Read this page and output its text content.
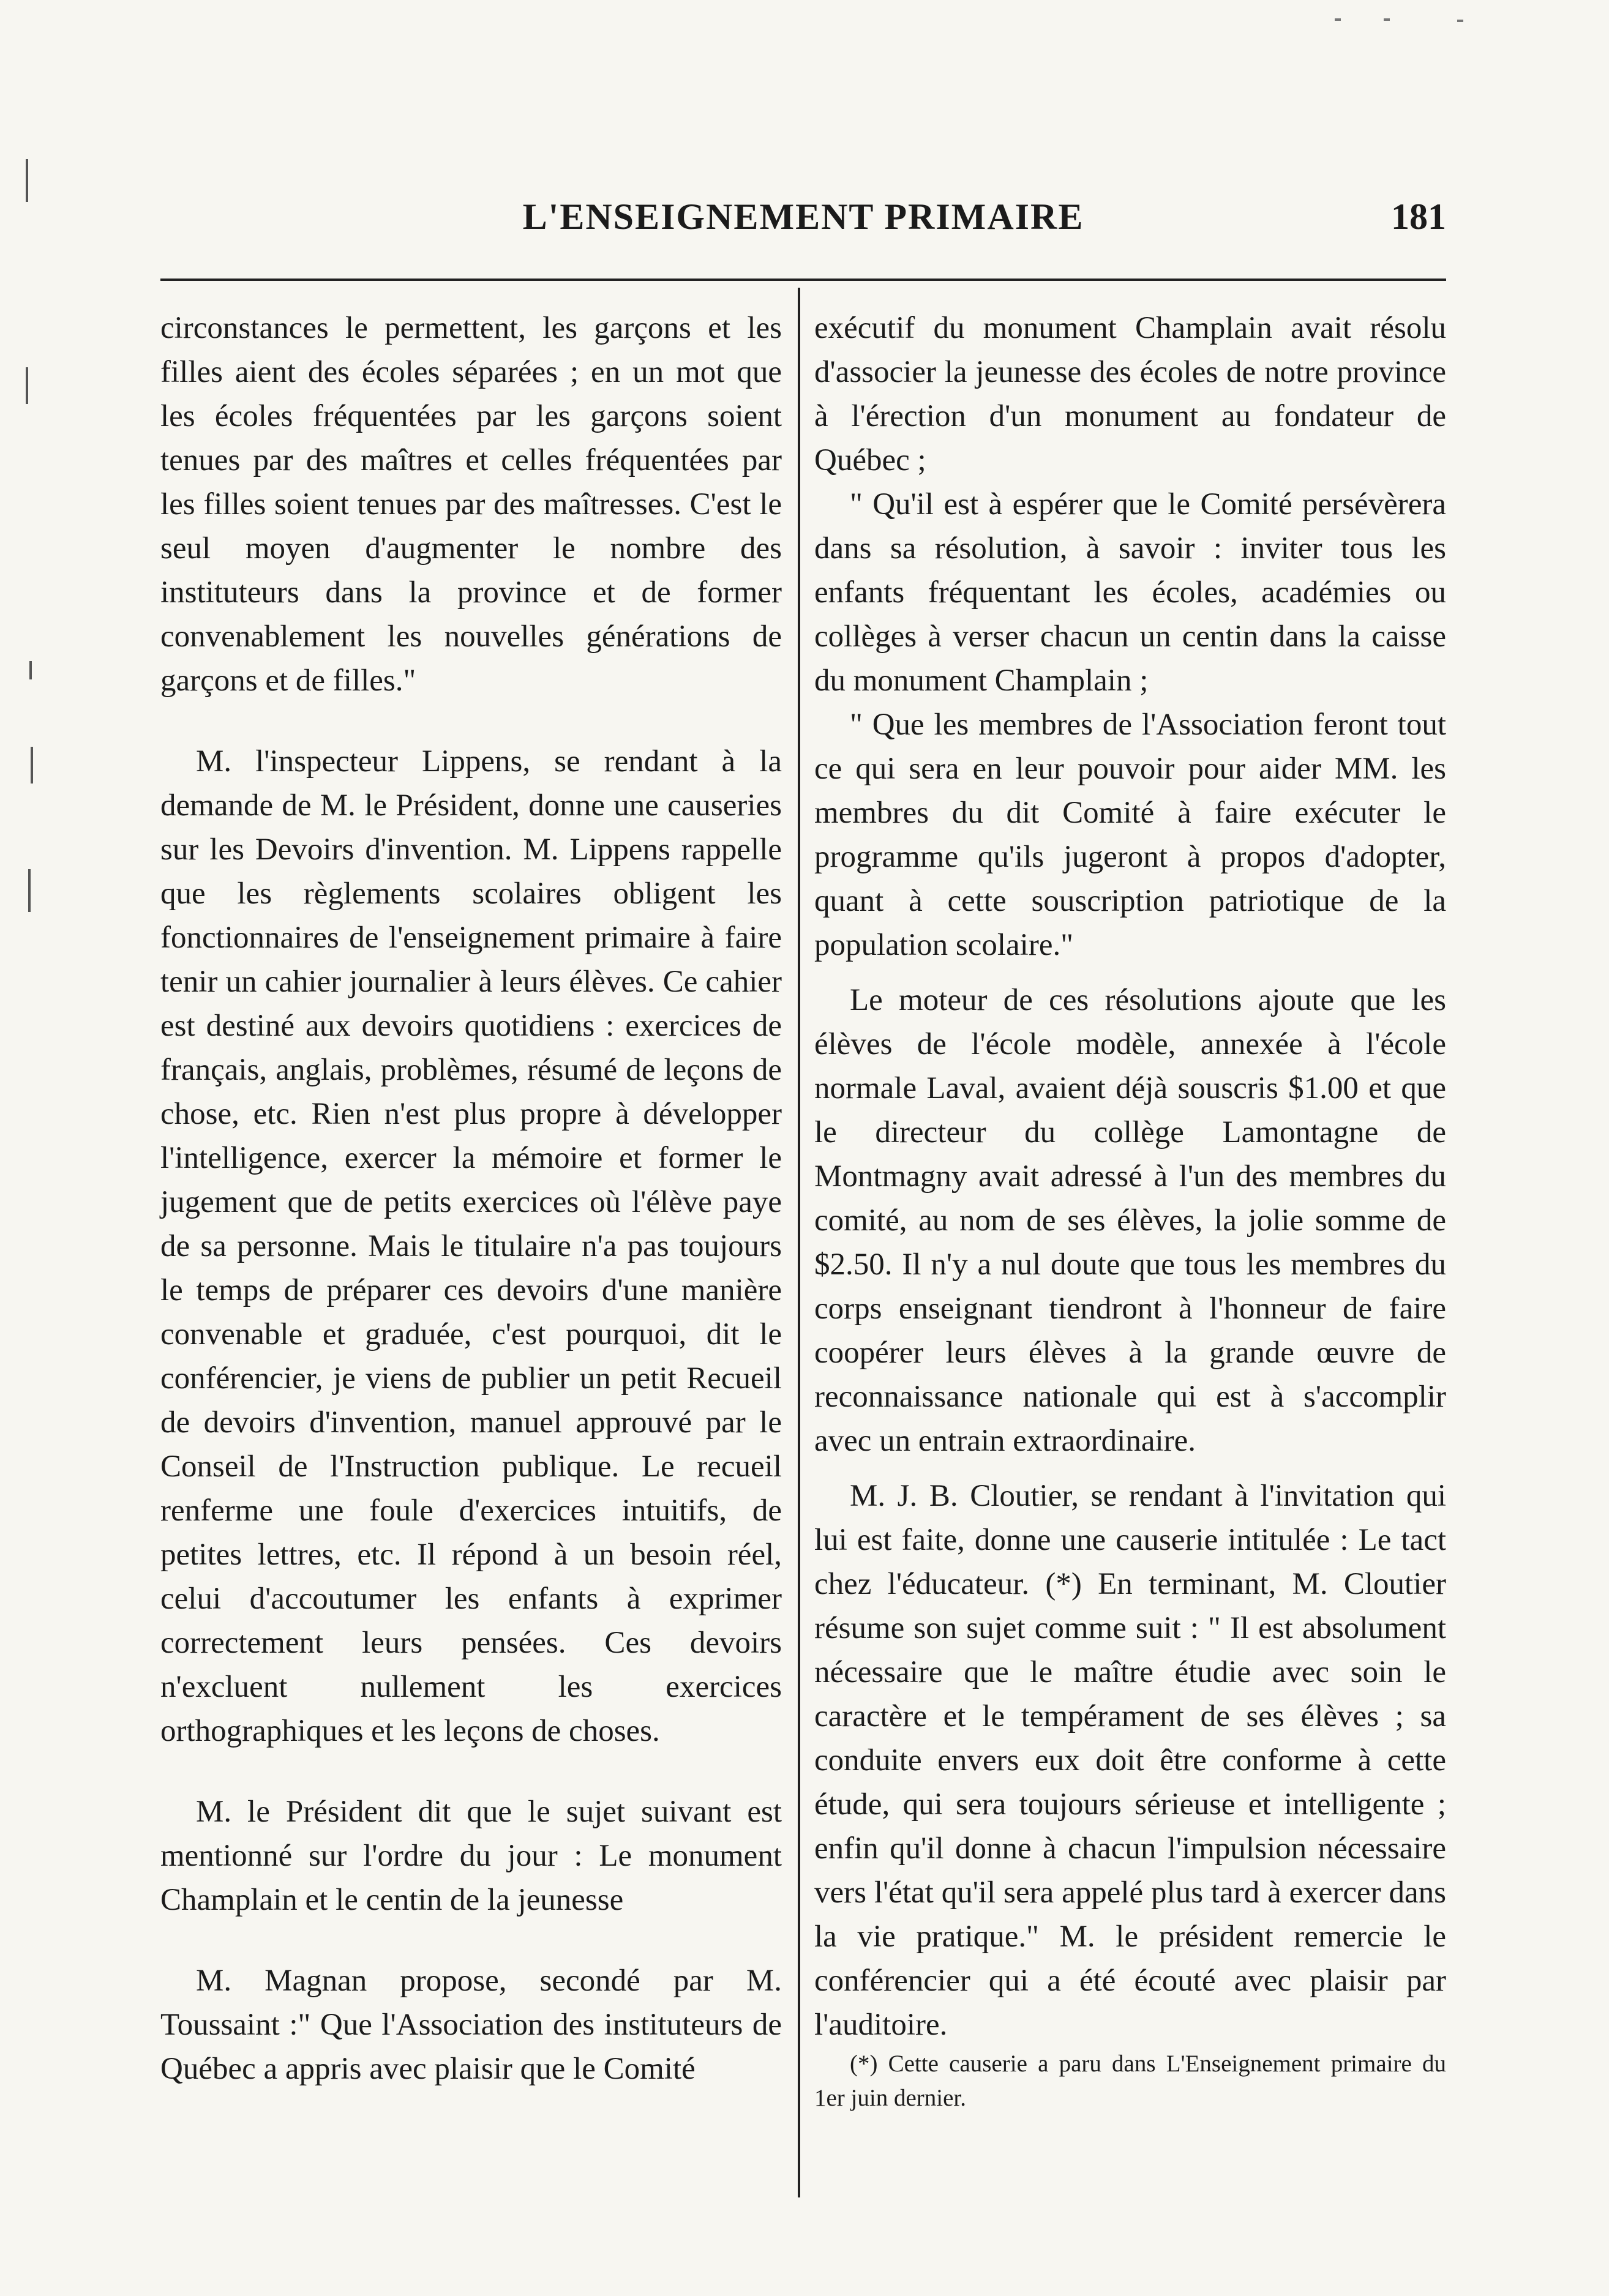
L'ENSEIGNEMENT PRIMAIRE	181

circonstances le permettent, les garçons et les filles aient des écoles séparées ; en un mot que les écoles fréquentées par les garçons soient tenues par des maîtres et celles fréquentées par les filles soient tenues par des maîtresses. C'est le seul moyen d'augmenter le nombre des instituteurs dans la province et de former convenablement les nouvelles générations de garçons et de filles."

M. l'inspecteur Lippens, se rendant à la demande de M. le Président, donne une causeries sur les Devoirs d'invention. M. Lippens rappelle que les règlements scolaires obligent les fonctionnaires de l'enseignement primaire à faire tenir un cahier journalier à leurs élèves. Ce cahier est destiné aux devoirs quotidiens : exercices de français, anglais, problèmes, résumé de leçons de chose, etc. Rien n'est plus propre à développer l'intelligence, exercer la mémoire et former le jugement que de petits exercices où l'élève paye de sa personne. Mais le titulaire n'a pas toujours le temps de préparer ces devoirs d'une manière convenable et graduée, c'est pourquoi, dit le conférencier, je viens de publier un petit Recueil de devoirs d'invention, manuel approuvé par le Conseil de l'Instruction publique. Le recueil renferme une foule d'exercices intuitifs, de petites lettres, etc. Il répond à un besoin réel, celui d'accoutumer les enfants à exprimer correctement leurs pensées. Ces devoirs n'excluent nullement les exercices orthographiques et les leçons de choses.

M. le Président dit que le sujet suivant est mentionné sur l'ordre du jour : Le monument Champlain et le centin de la jeunesse

M. Magnan propose, secondé par M. Toussaint :" Que l'Association des instituteurs de Québec a appris avec plaisir que le Comité

exécutif du monument Champlain avait résolu d'associer la jeunesse des écoles de notre province à l'érection d'un monument au fondateur de Québec ;

" Qu'il est à espérer que le Comité persévèrera dans sa résolution, à savoir : inviter tous les enfants fréquentant les écoles, académies ou collèges à verser chacun un centin dans la caisse du monument Champlain ;

" Que les membres de l'Association feront tout ce qui sera en leur pouvoir pour aider MM. les membres du dit Comité à faire exécuter le programme qu'ils jugeront à propos d'adopter, quant à cette souscription patriotique de la population scolaire."

Le moteur de ces résolutions ajoute que les élèves de l'école modèle, annexée à l'école normale Laval, avaient déjà souscris $1.00 et que le directeur du collège Lamontagne de Montmagny avait adressé à l'un des membres du comité, au nom de ses élèves, la jolie somme de $2.50. Il n'y a nul doute que tous les membres du corps enseignant tiendront à l'honneur de faire coopérer leurs élèves à la grande œuvre de reconnaissance nationale qui est à s'accomplir avec un entrain extraordinaire.

M. J. B. Cloutier, se rendant à l'invitation qui lui est faite, donne une causerie intitulée : Le tact chez l'éducateur. (*) En terminant, M. Cloutier résume son sujet comme suit : " Il est absolument nécessaire que le maître étudie avec soin le caractère et le tempérament de ses élèves ; sa conduite envers eux doit être conforme à cette étude, qui sera toujours sérieuse et intelligente ; enfin qu'il donne à chacun l'impulsion nécessaire vers l'état qu'il sera appelé plus tard à exercer dans la vie pratique." M. le président remercie le conférencier qui a été écouté avec plaisir par l'auditoire.

(*) Cette causerie a paru dans L'Enseignement primaire du 1er juin dernier.
